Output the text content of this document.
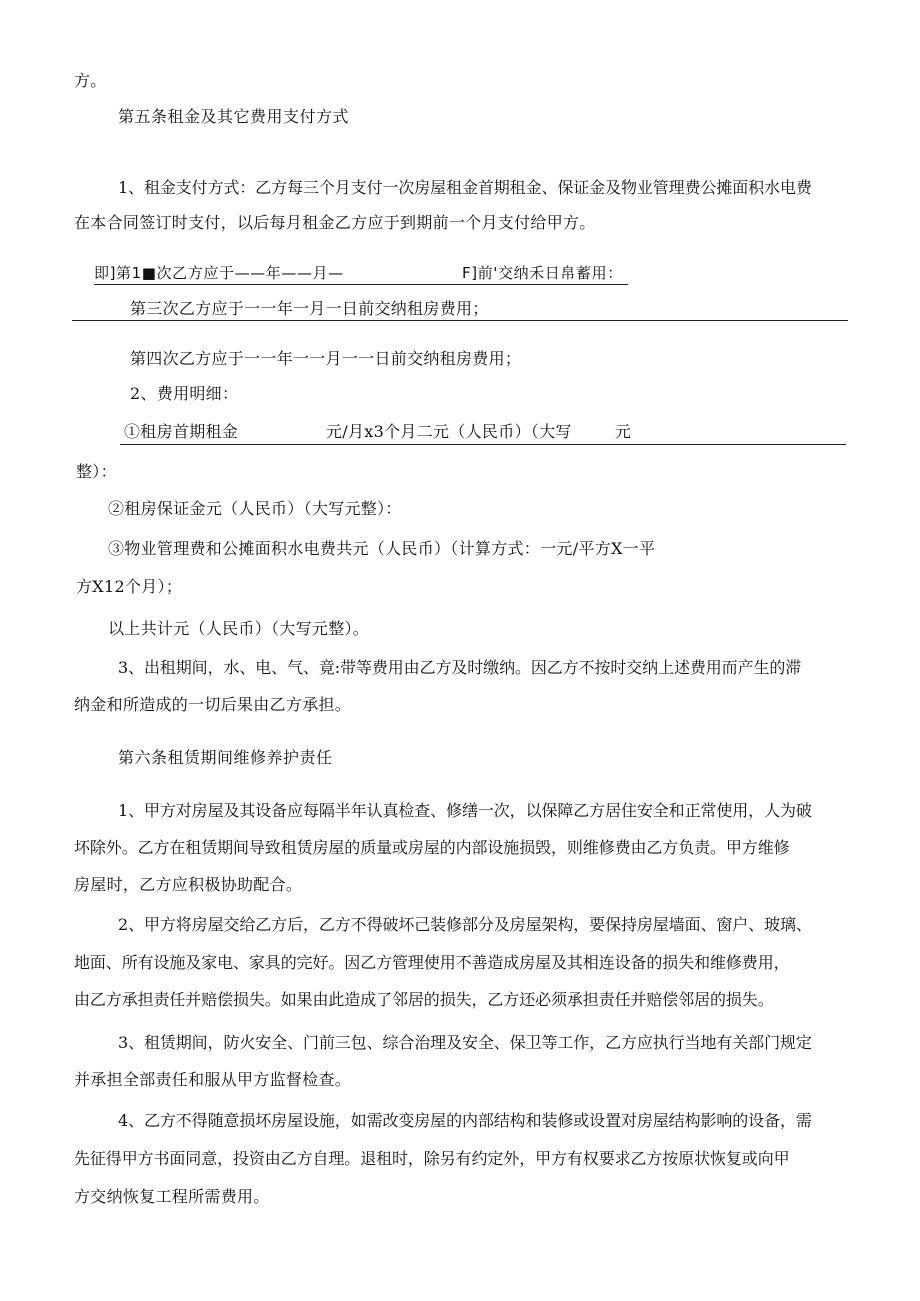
方。
第五条租金及其它费用支付方式
1、租金支付方式：乙方每三个月支付一次房屋租金首期租金、保证金及物业管理费公摊面积水电费
在本合同签订时支付，以后每月租金乙方应于到期前一个月支付给甲方。
即]第1■次乙方应于——年——月—	F]前'交纳禾日帛蓄用：
第三次乙方应于一一年一月一日前交纳租房费用；
第四次乙方应于一一年一一月一一日前交纳租房费用；
2、费用明细：
①租房首期租金	元/月x3个月二元（人民币）（大写	元
整）：
②租房保证金元（人民币）（大写元整）：
③物业管理费和公摊面积水电费共元（人民币）（计算方式：一元/平方X一平
方X12个月）；
以上共计元（人民币）（大写元整）。
3、出租期间，水、电、气、竟:带等费用由乙方及时缴纳。因乙方不按时交纳上述费用而产生的滞
纳金和所造成的一切后果由乙方承担。
第六条租赁期间维修养护责任
1、甲方对房屋及其设备应每隔半年认真检查、修缮一次，以保障乙方居住安全和正常使用，人为破
坏除外。乙方在租赁期间导致租赁房屋的质量或房屋的内部设施损毁，则维修费由乙方负责。甲方维修
房屋时，乙方应积极协助配合。
2、甲方将房屋交给乙方后，乙方不得破坏己装修部分及房屋架构，要保持房屋墙面、窗户、玻璃、
地面、所有设施及家电、家具的完好。因乙方管理使用不善造成房屋及其相连设备的损失和维修费用，
由乙方承担责任并赔偿损失。如果由此造成了邻居的损失，乙方还必须承担责任并赔偿邻居的损失。
3、租赁期间，防火安全、门前三包、综合治理及安全、保卫等工作，乙方应执行当地有关部门规定
并承担全部责任和服从甲方监督检查。
4、乙方不得随意损坏房屋设施，如需改变房屋的内部结构和装修或设置对房屋结构影响的设备，需
先征得甲方书面同意，投资由乙方自理。退租时，除另有约定外，甲方有权要求乙方按原状恢复或向甲
方交纳恢复工程所需费用。
